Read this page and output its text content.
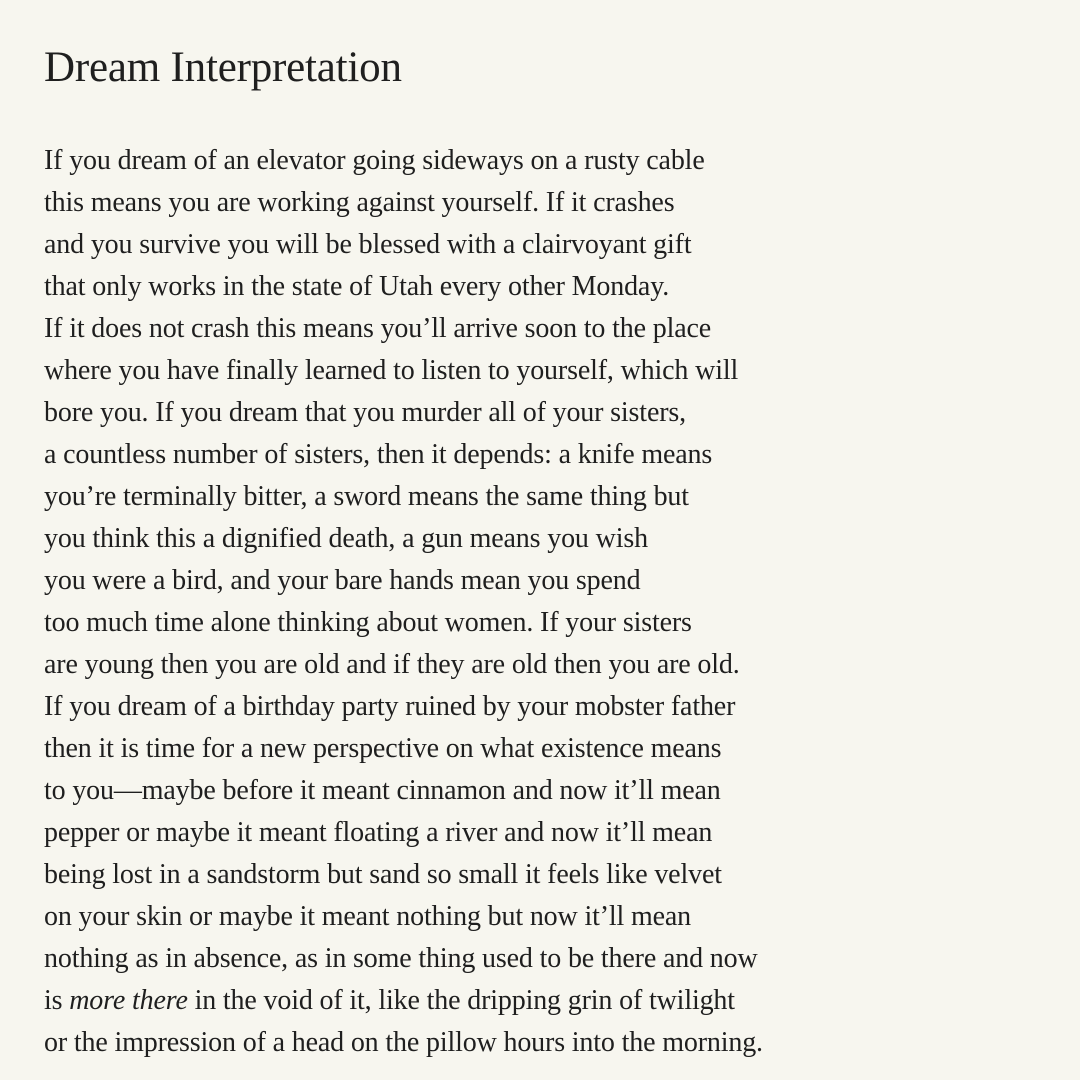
Dream Interpretation
If you dream of an elevator going sideways on a rusty cable
this means you are working against yourself. If it crashes
and you survive you will be blessed with a clairvoyant gift
that only works in the state of Utah every other Monday.
If it does not crash this means you’ll arrive soon to the place
where you have finally learned to listen to yourself, which will
bore you. If you dream that you murder all of your sisters,
a countless number of sisters, then it depends: a knife means
you’re terminally bitter, a sword means the same thing but
you think this a dignified death, a gun means you wish
you were a bird, and your bare hands mean you spend
too much time alone thinking about women. If your sisters
are young then you are old and if they are old then you are old.
If you dream of a birthday party ruined by your mobster father
then it is time for a new perspective on what existence means
to you—maybe before it meant cinnamon and now it’ll mean
pepper or maybe it meant floating a river and now it’ll mean
being lost in a sandstorm but sand so small it feels like velvet
on your skin or maybe it meant nothing but now it’ll mean
nothing as in absence, as in some thing used to be there and now
is more there in the void of it, like the dripping grin of twilight
or the impression of a head on the pillow hours into the morning.
